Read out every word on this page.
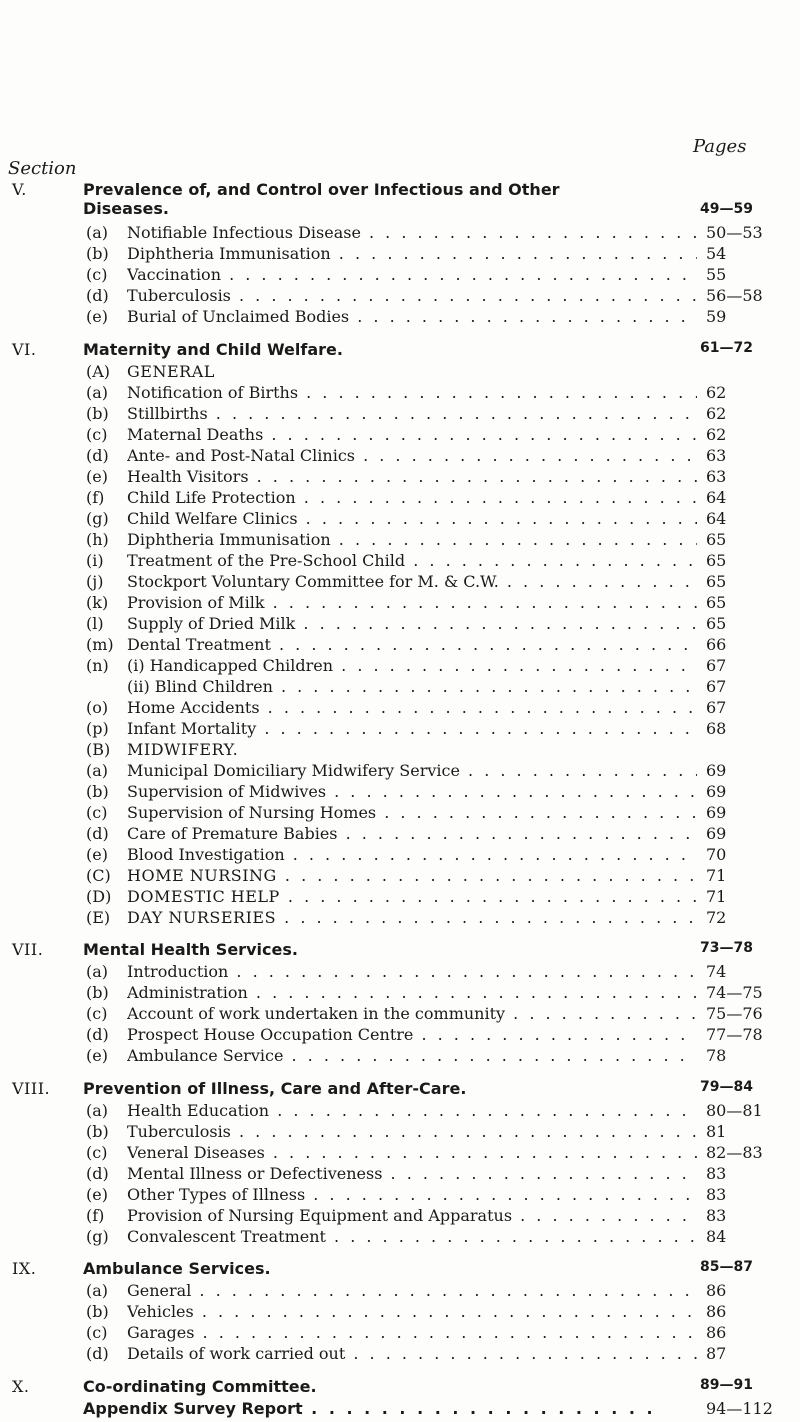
Pages
Section
V.	Prevalence of, and Control over Infectious and Other
Diseases.	49—59
(a) Notifiable Infectious Disease . . .	50—53
(b) Diphtheria Immunisation . . .	54
(c) Vaccination . . .	55
(d) Tuberculosis . . .	56—58
(e) Burial of Unclaimed Bodies . . .	59
VI.	Maternity and Child Welfare.	61—72
(A) GENERAL
(a) Notification of Births . . .	62
(b) Stillbirths . . .	62
(c) Maternal Deaths . . .	62
(d) Ante- and Post-Natal Clinics . . .	63
(e) Health Visitors . . .	63
(f) Child Life Protection . . .	64
(g) Child Welfare Clinics . . .	64
(h) Diphtheria Immunisation . . .	65
(i) Treatment of the Pre-School Child . . .	65
(j) Stockport Voluntary Committee for M. & C.W. . . .	65
(k) Provision of Milk . . .	65
(l) Supply of Dried Milk . . .	65
(m) Dental Treatment . . .	66
(n) (i) Handicapped Children . . .	67
(ii) Blind Children . . .	67
(o) Home Accidents . . .	67
(p) Infant Mortality . . .	68
(B) MIDWIFERY.
(a) Municipal Domiciliary Midwifery Service . . .	69
(b) Supervision of Midwives . . .	69
(c) Supervision of Nursing Homes . . .	69
(d) Care of Premature Babies . . .	69
(e) Blood Investigation . . .	70
(C) HOME NURSING . . .	71
(D) DOMESTIC HELP . . .	71
(E) DAY NURSERIES . . .	72
VII. Mental Health Services.	73—78
(a) Introduction . . .	74
(b) Administration . . .	74—75
(c) Account of work undertaken in the community . . .	75—76
(d) Prospect House Occupation Centre . . .	77—78
(e) Ambulance Service . . .	78
VIII. Prevention of Illness, Care and After-Care.	79—84
(a) Health Education . . .	80—81
(b) Tuberculosis . . .	81
(c) Veneral Diseases . . .	82—83
(d) Mental Illness or Defectiveness . . .	83
(e) Other Types of Illness . . .	83
(f) Provision of Nursing Equipment and Apparatus . . .	83
(g) Convalescent Treatment . . .	84
IX.	Ambulance Services.	85—87
(a) General . . .	86
(b) Vehicles . . .	86
(c) Garages . . .	86
(d) Details of work carried out . . .	87
X.	Co-ordinating Committee.	89—91
Appendix Survey Report . . .	94—112
